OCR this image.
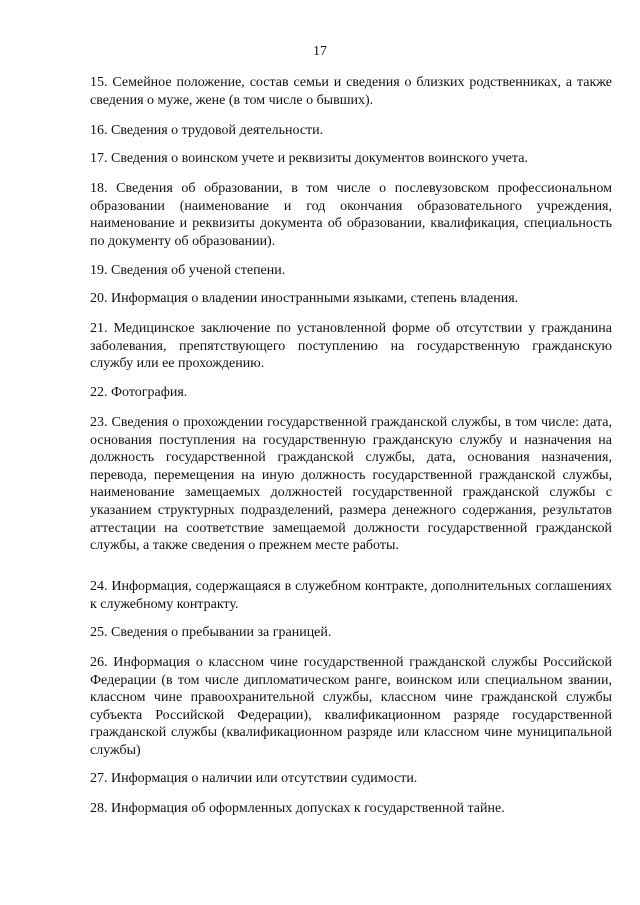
17

15. Семейное положение, состав семьи и сведения о близких родственниках, а также сведения о муже, жене (в том числе о бывших).

16. Сведения о трудовой деятельности.

17. Сведения о воинском учете и реквизиты документов воинского учета.

18. Сведения об образовании, в том числе о послевузовском профессиональном образовании (наименование и год окончания образовательного учреждения, наименование и реквизиты документа об образовании, квалификация, специальность по документу об образовании).

19. Сведения об ученой степени.

20. Информация о владении иностранными языками, степень владения.

21. Медицинское заключение по установленной форме об отсутствии у гражданина заболевания, препятствующего поступлению на государственную гражданскую службу или ее прохождению.

22. Фотография.

23. Сведения о прохождении государственной гражданской службы, в том числе: дата, основания поступления на государственную гражданскую службу и назначения на должность государственной гражданской службы, дата, основания назначения, перевода, перемещения на иную должность государственной гражданской службы, наименование замещаемых должностей государственной гражданской службы с указанием структурных подразделений, размера денежного содержания, результатов аттестации на соответствие замещаемой должности государственной гражданской службы, а также сведения о прежнем месте работы.

24. Информация, содержащаяся в служебном контракте, дополнительных соглашениях к служебному контракту.

25. Сведения о пребывании за границей.

26. Информация о классном чине государственной гражданской службы Российской Федерации (в том числе дипломатическом ранге, воинском или специальном звании, классном чине правоохранительной службы, классном чине гражданской службы субъекта Российской Федерации), квалификационном разряде государственной гражданской службы (квалификационном разряде или классном чине муниципальной службы)

27. Информация о наличии или отсутствии судимости.

28. Информация об оформленных допусках к государственной тайне.
